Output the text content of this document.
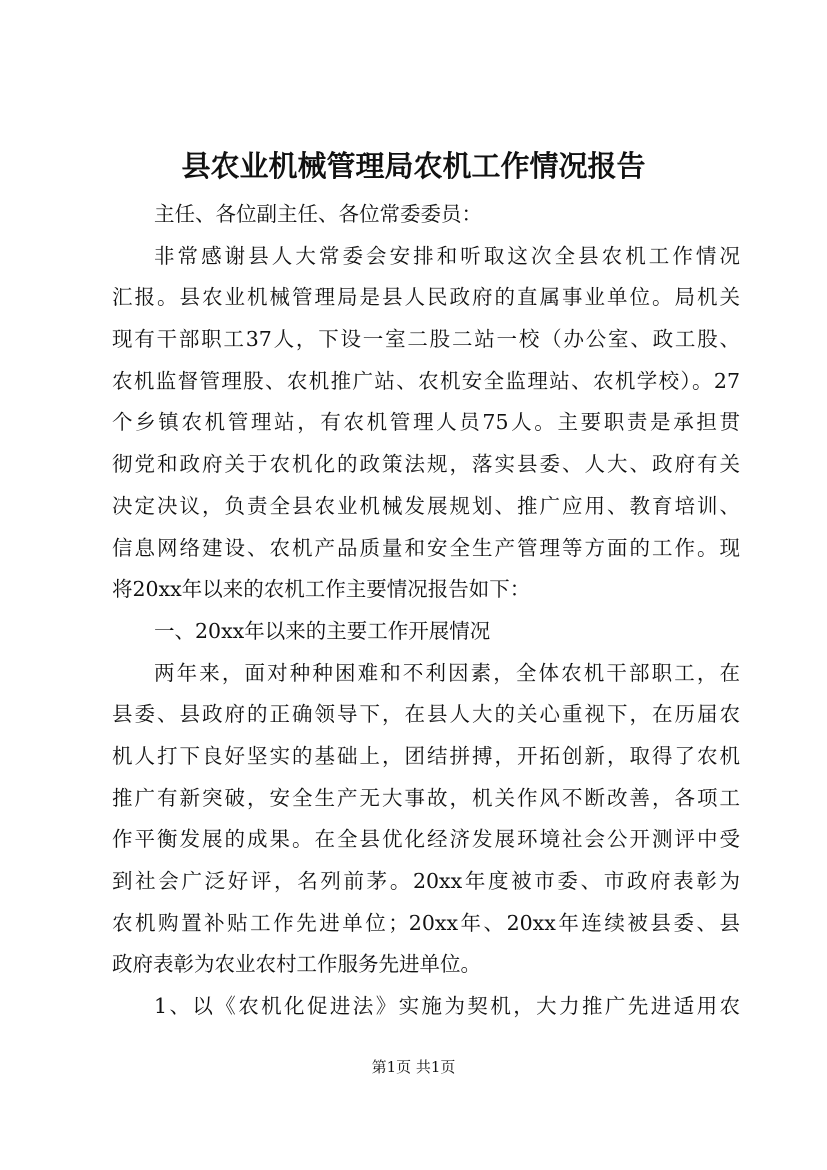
县农业机械管理局农机工作情况报告
主任、各位副主任、各位常委委员：
非常感谢县人大常委会安排和听取这次全县农机工作情况
汇报。县农业机械管理局是县人民政府的直属事业单位。局机关
现有干部职工37人，下设一室二股二站一校（办公室、政工股、
农机监督管理股、农机推广站、农机安全监理站、农机学校）。27
个乡镇农机管理站，有农机管理人员75人。主要职责是承担贯
彻党和政府关于农机化的政策法规，落实县委、人大、政府有关
决定决议，负责全县农业机械发展规划、推广应用、教育培训、
信息网络建设、农机产品质量和安全生产管理等方面的工作。现
将20xx年以来的农机工作主要情况报告如下：
一、20xx年以来的主要工作开展情况
两年来，面对种种困难和不利因素，全体农机干部职工，在
县委、县政府的正确领导下，在县人大的关心重视下，在历届农
机人打下良好坚实的基础上，团结拼搏，开拓创新，取得了农机
推广有新突破，安全生产无大事故，机关作风不断改善，各项工
作平衡发展的成果。在全县优化经济发展环境社会公开测评中受
到社会广泛好评，名列前茅。20xx年度被市委、市政府表彰为
农机购置补贴工作先进单位；20xx年、20xx年连续被县委、县
政府表彰为农业农村工作服务先进单位。
1、以《农机化促进法》实施为契机，大力推广先进适用农
第1页 共1页
